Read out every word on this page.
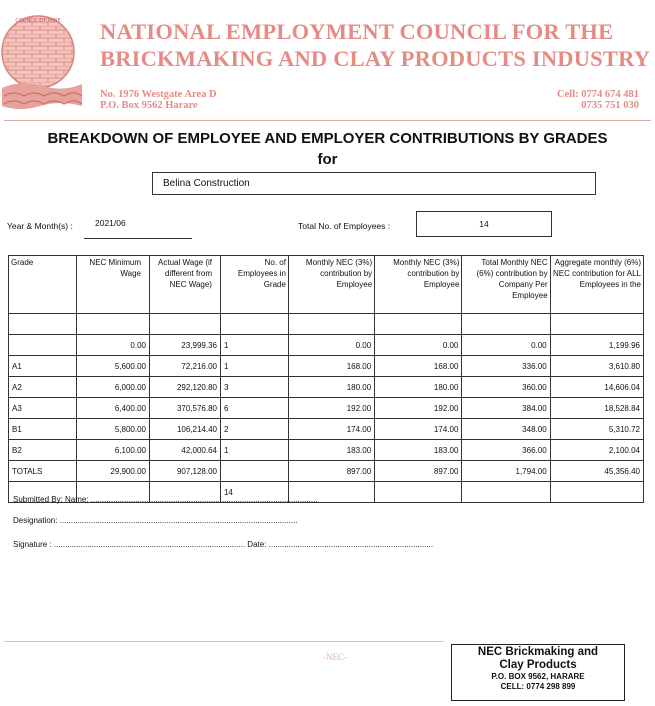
COUNCIL OF MINE NATIONAL EMPLOYMENT COUNCIL FOR THE
BRICKMAKING AND CLAY PRODUCTS INDUSTRY
No. 1976 Westgate Area D
P.O. Box 9562 Harare
Cell: 0774 674 481
0735 751 030
BREAKDOWN OF EMPLOYEE AND EMPLOYER CONTRIBUTIONS BY GRADES
for
Belina Construction
Year & Month(s) :	2021/06	Total No. of Employees :	14
Grade	NEC Minimum Wage	Actual Wage (if different from NEC Wage)	No. of Employees in Grade	Monthly NEC (3%) contribution by Employee	Monthly NEC (3%) contribution by Employee	Total Monthly NEC (6%) contribution by Company Per Employee	Aggregate monthly (6%) NEC contribution for ALL Employees in the

	0.00	23,999.36	1	0.00	0.00	0.00	1,199.96
A1	5,600.00	72,216.00	1	168.00	168.00	336.00	3,610.80
A2	6,000.00	292,120.80	3	180.00	180.00	360.00	14,606.04
A3	6,400.00	370,576.80	6	192.00	192.00	384.00	18,528.84
B1	5,800.00	106,214.40	2	174.00	174.00	348.00	5,310.72
B2	6,100.00	42,000.64	1	183.00	183.00	366.00	2,100.04
TOTALS	29,900.00	907,128.00		897.00	897.00	1,794.00	45,356.40
			14				
Submitted By: Name: ......................................................................................................
Designation: ...........................................................................................................
Signature : ...................................................................................... Date: ..........................................................................
-NEC-	NEC Brickmaking and
Clay Products
P.O. BOX 9562, HARARE
CELL: 0774 298 899
